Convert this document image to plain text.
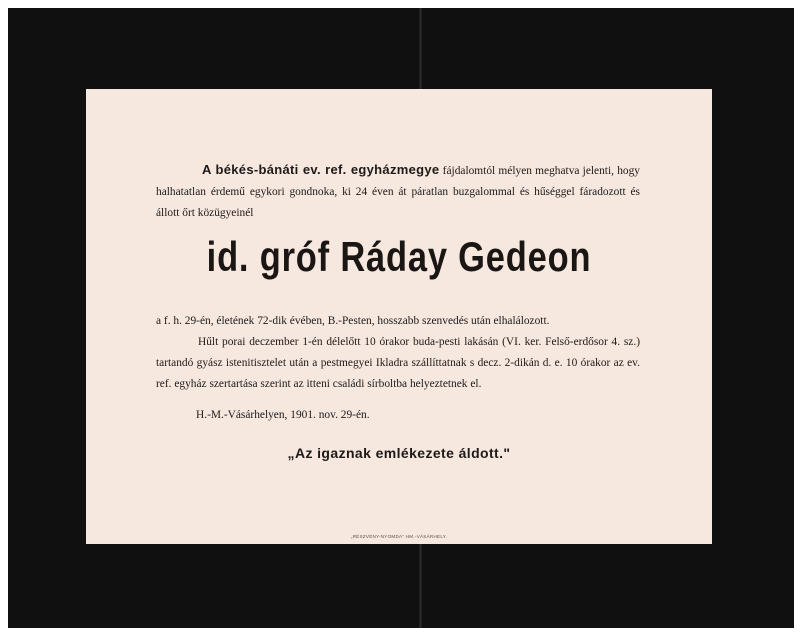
A békés-bánáti ev. ref. egyházmegye fájdalomtól mélyen meghatva jelenti, hogy halhatatlan érdemű egykori gondnoka, ki 24 éven át páratlan buzgalommal és hűséggel fáradozott és állott őrt közügyeinél
id. gróf Ráday Gedeon

a f. h. 29-én, életének 72-dik évében, B.-Pesten, hosszabb szenvedés után elhalálozott.

Hűlt porai deczember 1-én délelőtt 10 órakor buda-pesti lakásán (VI. ker. Felső-erdősor 4. sz.) tartandó gyász istenitisztelet után a pestmegyei Ikladra szállíttatnak s decz. 2-dikán d. e. 10 órakor az ev. ref. egyház szertartása szerint az itteni családi sírboltba helyeztetnek el.

H.-M.-Vásárhelyen, 1901. nov. 29-én.
„Az igaznak emlékezete áldott."
„RÉSZVÉNY-NYOMDA" HM.-VÁSÁRHELY.
